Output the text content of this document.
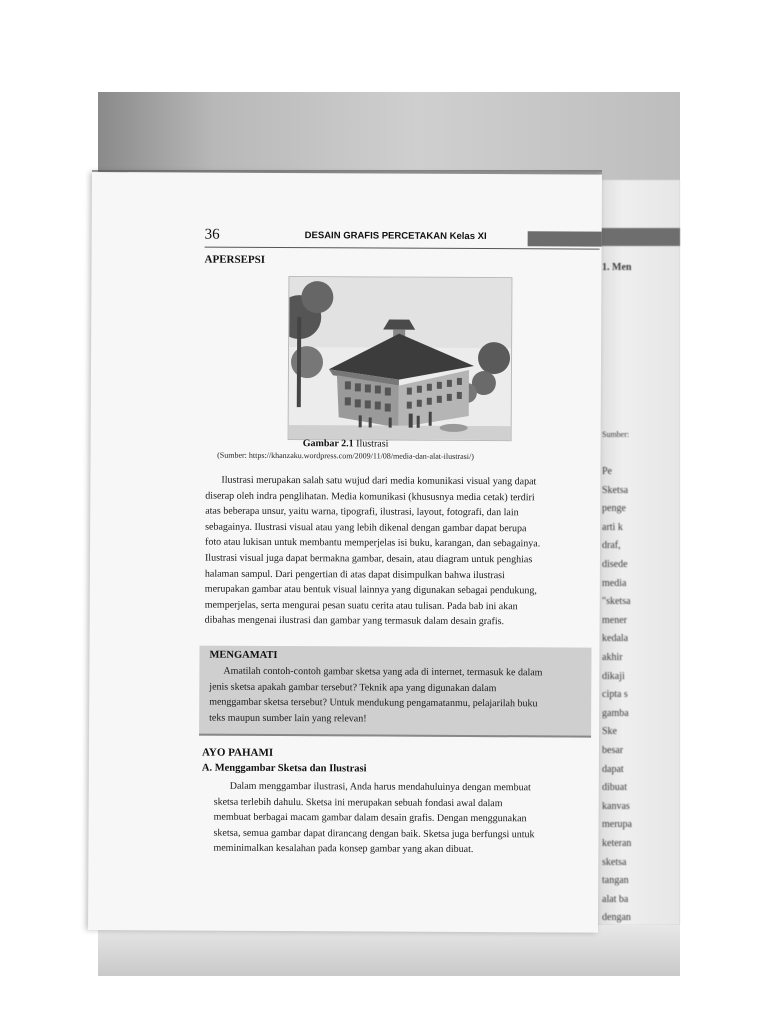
1. Men
Sumber:
Pe
Sketsa
penge
arti k
draf,
disede
media
"sketsa
mener
kedala
akhir
dikaji
cipta s
gamba
Ske
besar
dapat
dibuat
kanvas
merupa
keteran
sketsa
tangan
alat ba
dengan
36	DESAIN GRAFIS PERCETAKAN Kelas XI
APERSEPSI
Gambar 2.1 Ilustrasi
(Sumber: https://khanzaku.wordpress.com/2009/11/08/media-dan-alat-ilustrasi/)
Ilustrasi merupakan salah satu wujud dari media komunikasi visual yang dapat
diserap oleh indra penglihatan. Media komunikasi (khususnya media cetak) terdiri
atas beberapa unsur, yaitu warna, tipografi, ilustrasi, layout, fotografi, dan lain
sebagainya. Ilustrasi visual atau yang lebih dikenal dengan gambar dapat berupa
foto atau lukisan untuk membantu memperjelas isi buku, karangan, dan sebagainya.
Ilustrasi visual juga dapat bermakna gambar, desain, atau diagram untuk penghias
halaman sampul. Dari pengertian di atas dapat disimpulkan bahwa ilustrasi
merupakan gambar atau bentuk visual lainnya yang digunakan sebagai pendukung,
memperjelas, serta mengurai pesan suatu cerita atau tulisan. Pada bab ini akan
dibahas mengenai ilustrasi dan gambar yang termasuk dalam desain grafis.
MENGAMATI
Amatilah contoh-contoh gambar sketsa yang ada di internet, termasuk ke dalam
jenis sketsa apakah gambar tersebut? Teknik apa yang digunakan dalam
menggambar sketsa tersebut? Untuk mendukung pengamatanmu, pelajarilah buku
teks maupun sumber lain yang relevan!
AYO PAHAMI
A. Menggambar Sketsa dan Ilustrasi
Dalam menggambar ilustrasi, Anda harus mendahuluinya dengan membuat
sketsa terlebih dahulu. Sketsa ini merupakan sebuah fondasi awal dalam
membuat berbagai macam gambar dalam desain grafis. Dengan menggunakan
sketsa, semua gambar dapat dirancang dengan baik. Sketsa juga berfungsi untuk
meminimalkan kesalahan pada konsep gambar yang akan dibuat.
